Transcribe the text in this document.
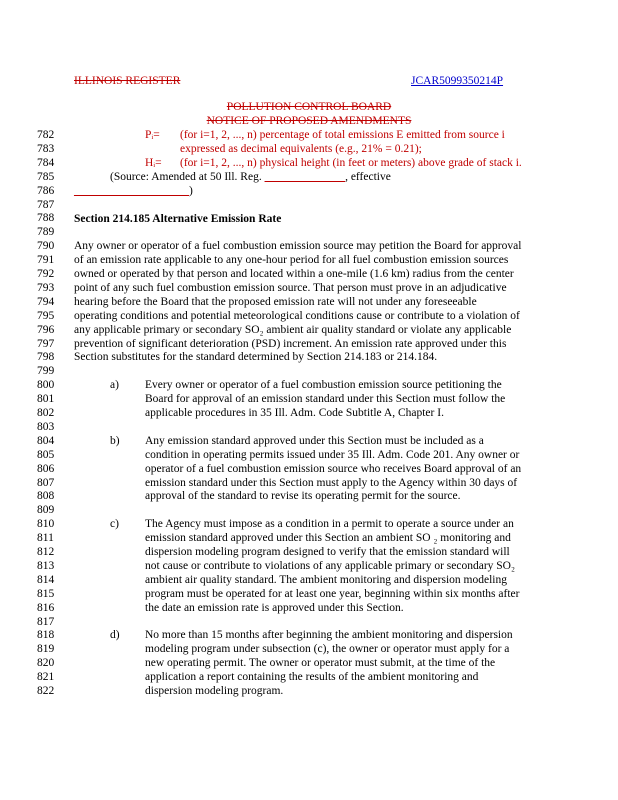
ILLINOIS REGISTER	JCAR5099350214P
POLLUTION CONTROL BOARD
NOTICE OF PROPOSED AMENDMENTS
782
783
784
785
786
787
788
789
790
791
792
793
794
795
796
797
798
799
800
801
802
803
804
805
806
807
808
809
810
811
812
813
814
815
816
817
818
819
820
821
822
Pᵢ= (for i=1, 2, ..., n) percentage of total emissions E emitted from source i
expressed as decimal equivalents (e.g., 21% = 0.21);
Hᵢ= (for i=1, 2, ..., n) physical height (in feet or meters) above grade of stack i.
(Source: Amended at 50 Ill. Reg. ______________, effective
____________________)
Section 214.185 Alternative Emission Rate
Any owner or operator of a fuel combustion emission source may petition the Board for approval
of an emission rate applicable to any one-hour period for all fuel combustion emission sources
owned or operated by that person and located within a one-mile (1.6 km) radius from the center
point of any such fuel combustion emission source. That person must prove in an adjudicative
hearing before the Board that the proposed emission rate will not under any foreseeable
operating conditions and potential meteorological conditions cause or contribute to a violation of
any applicable primary or secondary SO₂ ambient air quality standard or violate any applicable
prevention of significant deterioration (PSD) increment. An emission rate approved under this
Section substitutes for the standard determined by Section 214.183 or 214.184.
a) Every owner or operator of a fuel combustion emission source petitioning the
Board for approval of an emission standard under this Section must follow the
applicable procedures in 35 Ill. Adm. Code Subtitle A, Chapter I.
b) Any emission standard approved under this Section must be included as a
condition in operating permits issued under 35 Ill. Adm. Code 201. Any owner or
operator of a fuel combustion emission source who receives Board approval of an
emission standard under this Section must apply to the Agency within 30 days of
approval of the standard to revise its operating permit for the source.
c) The Agency must impose as a condition in a permit to operate a source under an
emission standard approved under this Section an ambient SO ₂ monitoring and
dispersion modeling program designed to verify that the emission standard will
not cause or contribute to violations of any applicable primary or secondary SO₂
ambient air quality standard. The ambient monitoring and dispersion modeling
program must be operated for at least one year, beginning within six months after
the date an emission rate is approved under this Section.
d) No more than 15 months after beginning the ambient monitoring and dispersion
modeling program under subsection (c), the owner or operator must apply for a
new operating permit. The owner or operator must submit, at the time of the
application a report containing the results of the ambient monitoring and
dispersion modeling program.
